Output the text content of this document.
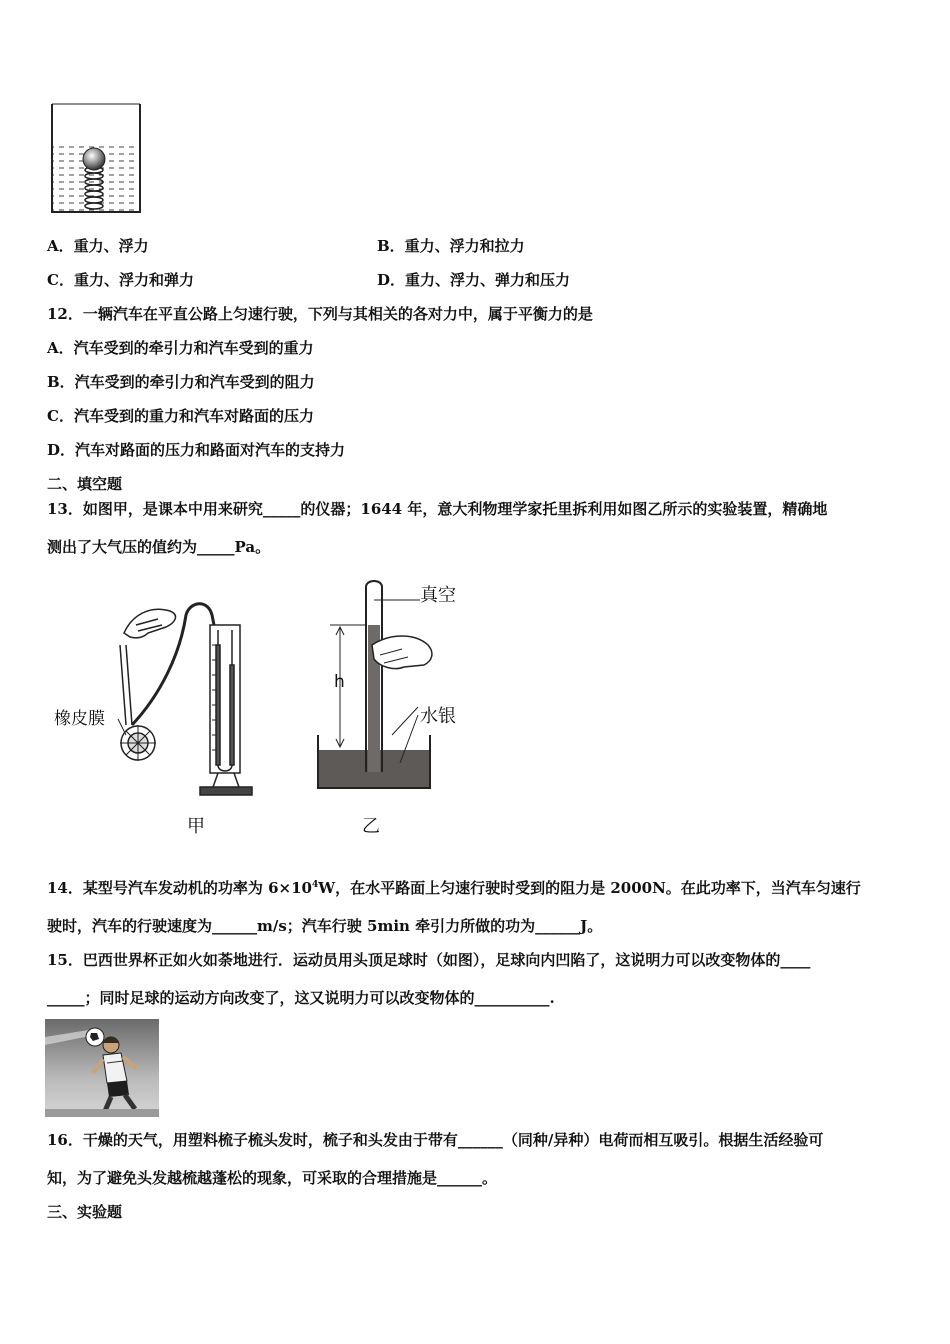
A．重力、浮力	B．重力、浮力和拉力
C．重力、浮力和弹力	D．重力、浮力、弹力和压力
12．一辆汽车在平直公路上匀速行驶，下列与其相关的各对力中，属于平衡力的是
A．汽车受到的牵引力和汽车受到的重力
B．汽车受到的牵引力和汽车受到的阻力
C．汽车受到的重力和汽车对路面的压力
D．汽车对路面的压力和路面对汽车的支持力
二、填空题
13．如图甲，是课本中用来研究_____的仪器；1644 年，意大利物理学家托里拆利用如图乙所示的实验装置，精确地
测出了大气压的值约为_____Pa。
橡皮膜
真空
h
水银
甲	乙
14．某型号汽车发动机的功率为 $6\times 10^4W$，在水平路面上匀速行驶时受到的阻力是 2000N。在此功率下，当汽车匀速行
驶时，汽车的行驶速度为______m/s；汽车行驶 5min 牵引力所做的功为______J。
15．巴西世界杯正如火如荼地进行．运动员用头顶足球时（如图），足球向内凹陷了，这说明力可以改变物体的____
_____；同时足球的运动方向改变了，这又说明力可以改变物体的__________.
16．干燥的天气，用塑料梳子梳头发时，梳子和头发由于带有______（同种/异种）电荷而相互吸引。根据生活经验可
知，为了避免头发越梳越蓬松的现象，可采取的合理措施是______。
三、实验题
